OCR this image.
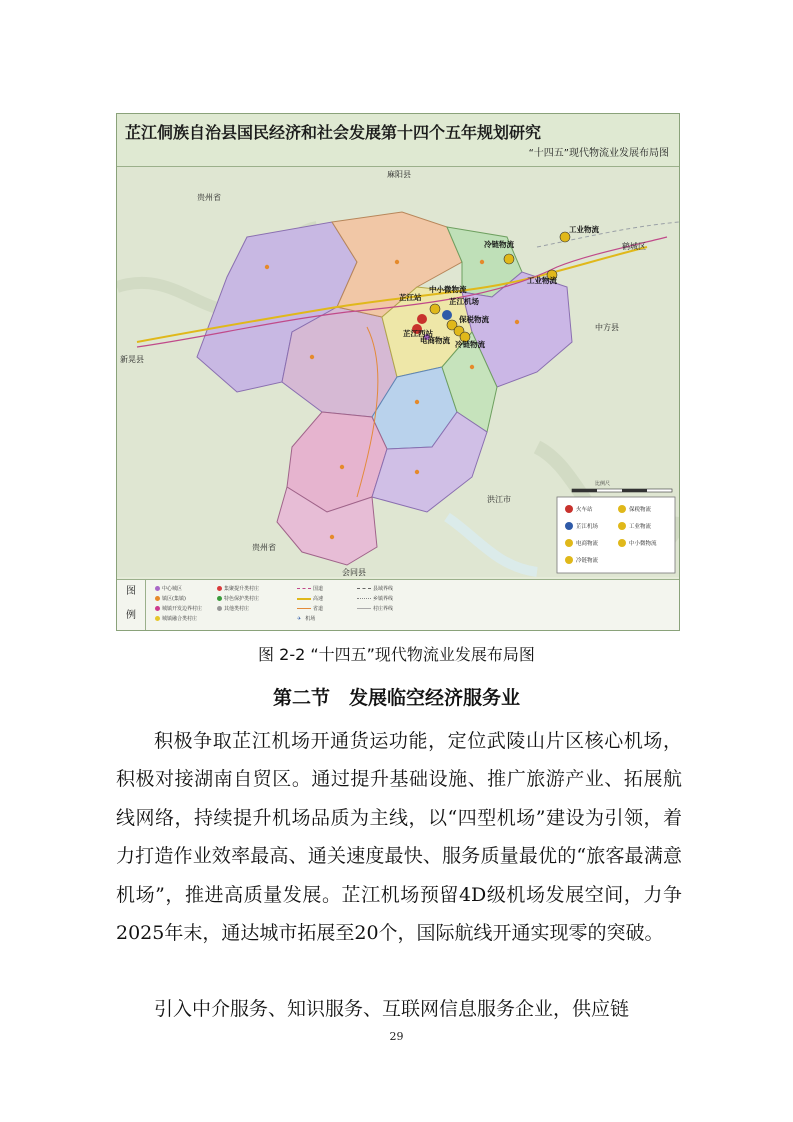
芷江侗族自治县国民经济和社会发展第十四个五年规划研究
“十四五”现代物流业发展布局图
麻阳县
贵州省
鹤城区
中方县
新晃县
洪江市
贵州省
会同县
芷江站
中小微物流
芷江机场
芷江西站
保税物流
电商物流 冷链物流
冷链物流
工业物流
工业物流
比例尺
火车站	保税物流
芷江机场	工业物流
电商物流	中小微物流
冷链物流
图
例
中心城区
镇区(集镇)
城镇开发边界村庄
城镇融合类村庄
集聚提升类村庄
特色保护类村庄
其他类村庄
国道
高速
省道
✈ 机场
县域界线
乡镇界线
村庄界线
图 2-2 “十四五”现代物流业发展布局图
第二节　发展临空经济服务业

积极争取芷江机场开通货运功能，定位武陵山片区核心机场，积极对接湖南自贸区。通过提升基础设施、推广旅游产业、拓展航线网络，持续提升机场品质为主线，以“四型机场”建设为引领，着力打造作业效率最高、通关速度最快、服务质量最优的“旅客最满意机场”，推进高质量发展。芷江机场预留4D级机场发展空间，力争2025年末，通达城市拓展至20个，国际航线开通实现零的突破。

引入中介服务、知识服务、互联网信息服务企业，供应链

29
